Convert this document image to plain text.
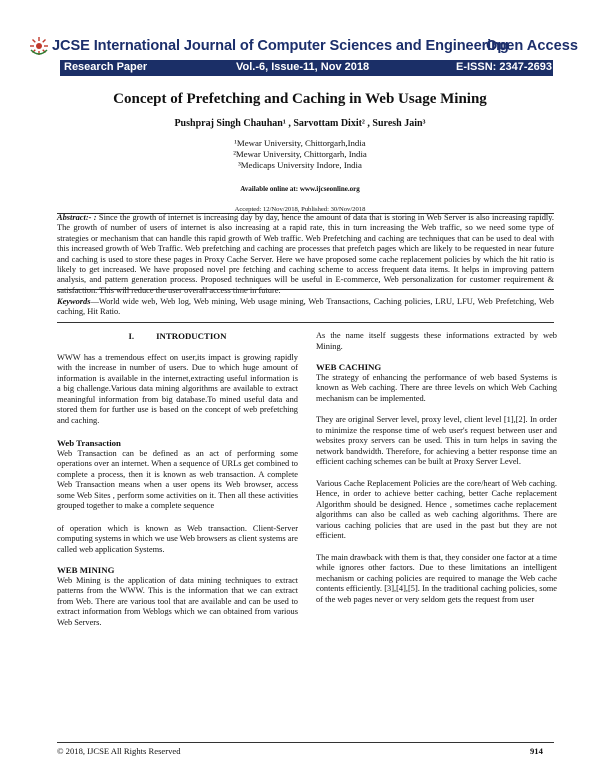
JCSE International Journal of Computer Sciences and Engineering
Open Access
Research Paper	Vol.-6, Issue-11, Nov 2018	E-ISSN: 2347-2693
Concept of Prefetching and Caching in Web Usage Mining
Pushpraj Singh Chauhan¹ , Sarvottam Dixit² , Suresh Jain³
¹Mewar University, Chittorgarh,India
²Mewar University, Chittorgarh, India
³Medicaps University Indore, India
Available online at: www.ijcseonline.org
Accepted: 12/Nov/2018, Published: 30/Nov/2018
Abstract:- : Since the growth of internet is increasing day by day, hence the amount of data that is storing in Web Server is also increasing rapidly. The growth of number of users of internet is also increasing at a rapid rate, this in turn increasing the Web traffic, so we need some type of strategies or mechanism that can handle this rapid growth of Web traffic. Web Prefetching and caching are techniques that can be used to deal with this increased growth of Web Traffic. Web prefetching and caching are processes that prefetch pages which are likely to be requested in near future and caching is used to store these pages in Proxy Cache Server. Here we have proposed some cache replacement policies by which the hit ratio is likely to get increased. We have proposed novel pre fetching and caching scheme to access frequent data items. It helps in improving pattern analysis, and pattern generation process. Proposed techniques will be useful in E-commerce, Web personalization for customer requirement & satisfaction. This will reduce the user overall access time in future.
Keywords—World wide web, Web log, Web mining, Web usage mining, Web Transactions, Caching policies, LRU, LFU, Web Prefetching, Web caching, Hit Ratio.

I.          INTRODUCTION

WWW has a tremendous effect on user,its impact is growing rapidly with the increase in number of users. Due to which huge amount of information is available in the internet,extracting useful information is a big challenge.Various data mining algorithms are available to extract meaningful information from big database.To mined useful data and stored them for further use is based on the concept of web prefetching and caching.

Web Transaction

Web Transaction can be defined as an act of performing some operations over an internet. When a sequence of URLs get combined to complete a process, then it is known as web transaction. A complete Web Transaction means when a user opens its Web browser, access some Web Sites , perform some activities on it. Then all these activities grouped together to make a complete sequence

of operation which is known as Web transaction. Client-Server computing systems in which we use Web browsers as client systems are called web application Systems.

WEB MINING

Web Mining is the application of data mining techniques to extract patterns from the WWW. This is the information that we can extract from Web. There are various tool that are available and can be used to extract information from Weblogs which we can obtained from various Web Servers.

As the name itself suggests these informations extracted by web Mining.

WEB CACHING

The strategy of enhancing the performance of web based Systems is known as Web caching. There are three levels on which Web Caching mechanism can be implemented.

They are original Server level, proxy level, client level [1],[2]. In order to minimize the response time of web user's request between user and websites proxy servers can be used. This in turn helps in saving the network bandwidth. Therefore, for achieving a better response time an efficient caching schemes can be built at Proxy Server Level.

Various Cache Replacement Policies are the core/heart of Web caching. Hence, in order to achieve better caching, better Cache replacement Algorithm should be designed. Hence , sometimes cache replacement algorithms can also be called as web caching algorithms. There are various caching policies that are used in the past but they are not efficient.

The main drawback with them is that, they consider one factor at a time while ignores other factors. Due to these limitations an intelligent mechanism or caching policies are required to manage the Web cache contents efficiently. [3],[4],[5]. In the traditional caching policies, some of the web pages never or very seldom gets the request from user

© 2018, IJCSE All Rights Reserved	914
